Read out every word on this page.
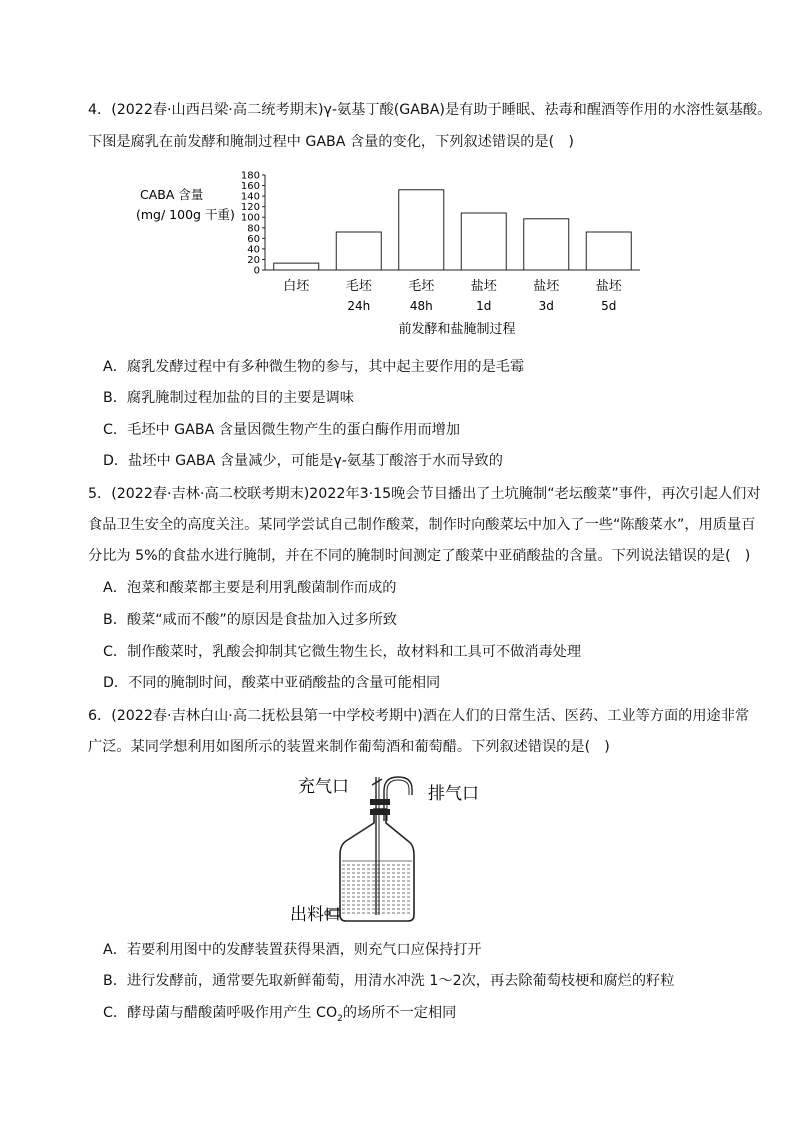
4．(2022春·山西吕梁·高二统考期末)γ-氨基丁酸(GABA)是有助于睡眠、祛毒和醒酒等作用的水溶性氨基酸。
下图是腐乳在前发酵和腌制过程中 GABA 含量的变化，下列叙述错误的是(　)
CABA 含量
(mg/ 100g 干重)
0
20
40
60
80
100
120
140
160
180
白坯	毛坯
24h
毛坯
48h
盐坯
1d
盐坯
3d
盐坯
5d
前发酵和盐腌制过程
A．腐乳发酵过程中有多种微生物的参与，其中起主要作用的是毛霉
B．腐乳腌制过程加盐的目的主要是调味
C．毛坯中 GABA 含量因微生物产生的蛋白酶作用而增加
D．盐坯中 GABA 含量减少，可能是γ-氨基丁酸溶于水而导致的
5．(2022春·吉林·高二校联考期末)2022年3·15晚会节目播出了土坑腌制“老坛酸菜”事件，再次引起人们对
食品卫生安全的高度关注。某同学尝试自己制作酸菜，制作时向酸菜坛中加入了一些“陈酸菜水”，用质量百
分比为 5%的食盐水进行腌制，并在不同的腌制时间测定了酸菜中亚硝酸盐的含量。下列说法错误的是(　)
A．泡菜和酸菜都主要是利用乳酸菌制作而成的
B．酸菜“咸而不酸”的原因是食盐加入过多所致
C．制作酸菜时，乳酸会抑制其它微生物生长，故材料和工具可不做消毒处理
D．不同的腌制时间，酸菜中亚硝酸盐的含量可能相同
6．(2022春·吉林白山·高二抚松县第一中学校考期中)酒在人们的日常生活、医药、工业等方面的用途非常
广泛。某同学想利用如图所示的装置来制作葡萄酒和葡萄醋。下列叙述错误的是(　)
充气口	排气口
出料口
A．若要利用图中的发酵装置获得果酒，则充气口应保持打开
B．进行发酵前，通常要先取新鲜葡萄，用清水冲洗 1～2次，再去除葡萄枝梗和腐烂的籽粒
C．酵母菌与醋酸菌呼吸作用产生 $CO_2$的场所不一定相同
